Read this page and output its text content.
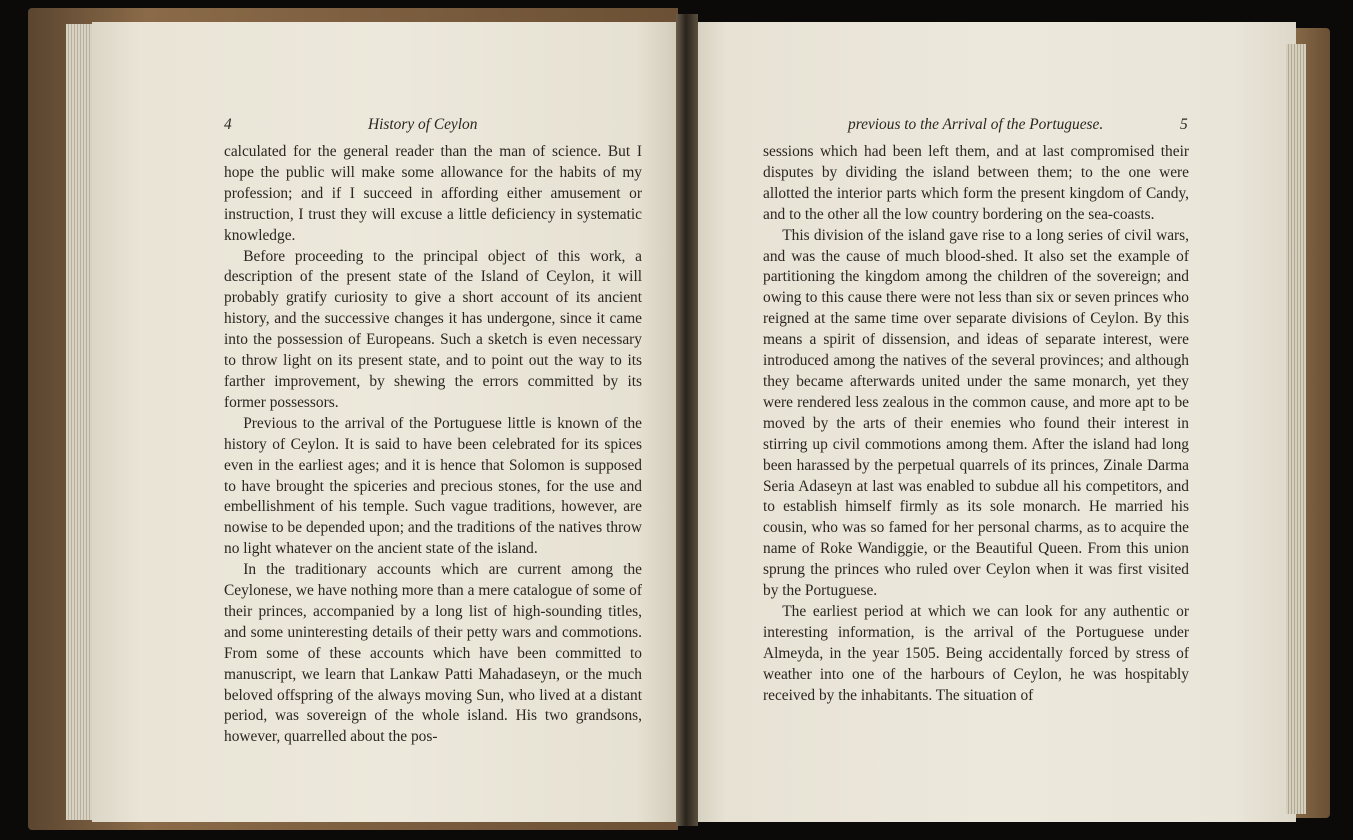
4	History of Ceylon

calculated for the general reader than the man of science. But I hope the public will make some allowance for the habits of my profession; and if I succeed in affording either amusement or instruction, I trust they will excuse a little deficiency in systematic knowledge.

Before proceeding to the principal object of this work, a description of the present state of the Island of Ceylon, it will probably gratify curiosity to give a short account of its ancient history, and the successive changes it has undergone, since it came into the possession of Europeans. Such a sketch is even necessary to throw light on its present state, and to point out the way to its farther improvement, by shewing the errors committed by its former possessors.

Previous to the arrival of the Portuguese little is known of the history of Ceylon. It is said to have been celebrated for its spices even in the earliest ages; and it is hence that Solomon is supposed to have brought the spiceries and precious stones, for the use and embellishment of his temple. Such vague traditions, however, are nowise to be depended upon; and the traditions of the natives throw no light whatever on the ancient state of the island.

In the traditionary accounts which are current among the Ceylonese, we have nothing more than a mere catalogue of some of their princes, accompanied by a long list of high-sounding titles, and some uninteresting details of their petty wars and commotions. From some of these accounts which have been committed to manuscript, we learn that Lankaw Patti Mahadaseyn, or the much beloved offspring of the always moving Sun, who lived at a distant period, was sovereign of the whole island. His two grandsons, however, quarrelled about the pos-

previous to the Arrival of the Portuguese.	5

sessions which had been left them, and at last compromised their disputes by dividing the island between them; to the one were allotted the interior parts which form the present kingdom of Candy, and to the other all the low country bordering on the sea-coasts.

This division of the island gave rise to a long series of civil wars, and was the cause of much blood-shed. It also set the example of partitioning the kingdom among the children of the sovereign; and owing to this cause there were not less than six or seven princes who reigned at the same time over separate divisions of Ceylon. By this means a spirit of dissension, and ideas of separate interest, were introduced among the natives of the several provinces; and although they became afterwards united under the same monarch, yet they were rendered less zealous in the common cause, and more apt to be moved by the arts of their enemies who found their interest in stirring up civil commotions among them. After the island had long been harassed by the perpetual quarrels of its princes, Zinale Darma Seria Adaseyn at last was enabled to subdue all his competitors, and to establish himself firmly as its sole monarch. He married his cousin, who was so famed for her personal charms, as to acquire the name of Roke Wandiggie, or the Beautiful Queen. From this union sprung the princes who ruled over Ceylon when it was first visited by the Portuguese.

The earliest period at which we can look for any authentic or interesting information, is the arrival of the Portuguese under Almeyda, in the year 1505. Being accidentally forced by stress of weather into one of the harbours of Ceylon, he was hospitably received by the inhabitants. The situation of
